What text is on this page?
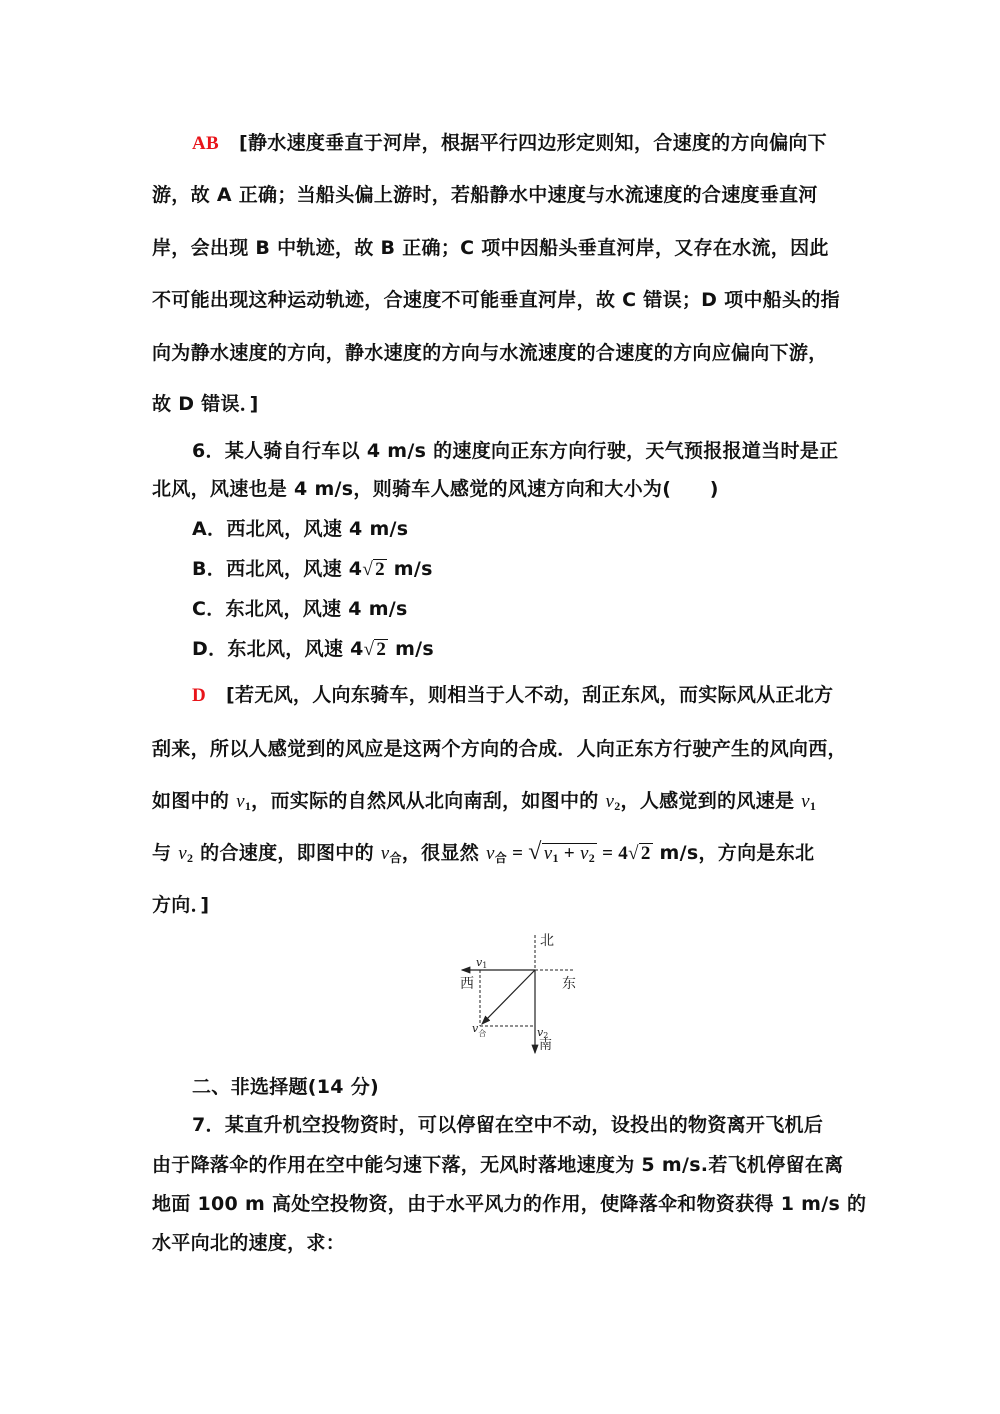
AB [静水速度垂直于河岸，根据平行四边形定则知，合速度的方向偏向下
游，故 A 正确；当船头偏上游时，若船静水中速度与水流速度的合速度垂直河
岸，会出现 B 中轨迹，故 B 正确；C 项中因船头垂直河岸，又存在水流，因此
不可能出现这种运动轨迹，合速度不可能垂直河岸，故 C 错误；D 项中船头的指
向为静水速度的方向，静水速度的方向与水流速度的合速度的方向应偏向下游，
故 D 错误．]
6．某人骑自行车以 4 m/s 的速度向正东方向行驶，天气预报报道当时是正
北风，风速也是 4 m/s，则骑车人感觉的风速方向和大小为(　　)
A．西北风，风速 4 m/s
B．西北风，风速 4√ 2 m/s
C．东北风，风速 4 m/s
D．东北风，风速 4√ 2 m/s
D [若无风，人向东骑车，则相当于人不动，刮正东风，而实际风从正北方
刮来，所以人感觉到的风应是这两个方向的合成．人向正东方行驶产生的风向西，
如图中的 $v_1$，而实际的自然风从北向南刮，如图中的 $v_2$，人感觉到的风速是 $v_1$
与 $v_2$ 的合速度，即图中的 $v_合$，很显然 $v_合$ = √ $v_1 + v_2 = 4√$ 2 m/s，方向是东北
方向．]
北
西	东
南
v1
v2
$v_合$
二、非选择题(14 分)
7．某直升机空投物资时，可以停留在空中不动，设投出的物资离开飞机后
由于降落伞的作用在空中能匀速下落，无风时落地速度为 5 m/s.若飞机停留在离
地面 100 m 高处空投物资，由于水平风力的作用，使降落伞和物资获得 1 m/s 的
水平向北的速度，求：
